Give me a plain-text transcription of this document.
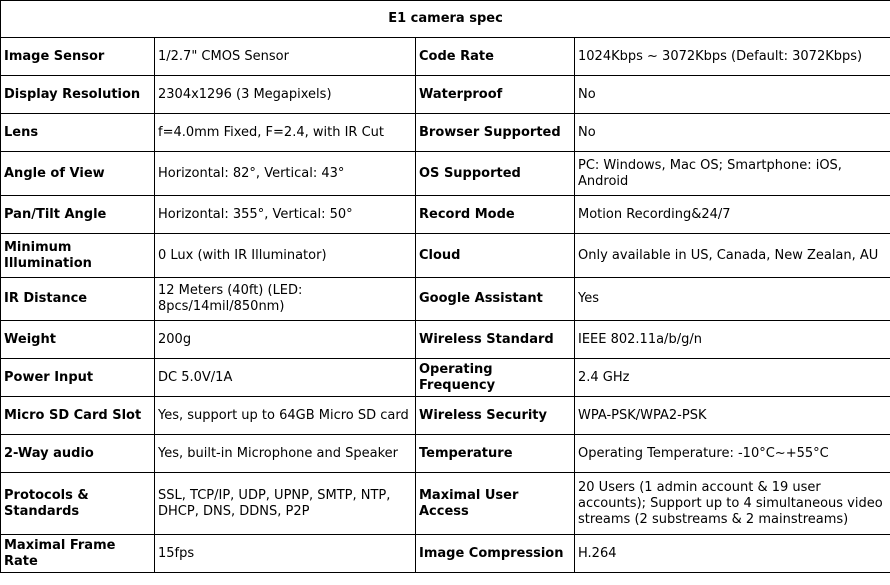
E1 camera spec			
Image Sensor	1/2.7" CMOS Sensor	Code Rate	1024Kbps ~ 3072Kbps (Default: 3072Kbps)
Display Resolution	2304x1296 (3 Megapixels)	Waterproof	No
Lens	f=4.0mm Fixed, F=2.4, with IR Cut	Browser Supported	No
Angle of View	Horizontal: 82°, Vertical: 43°	OS Supported	PC: Windows, Mac OS; Smartphone: iOS, Android
Pan/Tilt Angle	Horizontal: 355°, Vertical: 50°	Record Mode	Motion Recording&24/7
Minimum Illumination	0 Lux (with IR Illuminator)	Cloud	Only available in US, Canada, New Zealan, AU
IR Distance	12 Meters (40ft) (LED: 8pcs/14mil/850nm)	Google Assistant	Yes
Weight	200g	Wireless Standard	IEEE 802.11a/b/g/n
Power Input	DC 5.0V/1A	Operating Frequency	2.4 GHz
Micro SD Card Slot	Yes, support up to 64GB Micro SD card	Wireless Security	WPA-PSK/WPA2-PSK
2-Way audio	Yes, built-in Microphone and Speaker	Temperature	Operating Temperature: -10°C~+55°C
Protocols & Standards	SSL, TCP/IP, UDP, UPNP, SMTP, NTP, DHCP, DNS, DDNS, P2P	Maximal User Access	20 Users (1 admin account & 19 user accounts); Support up to 4 simultaneous video streams (2 substreams & 2 mainstreams)
Maximal Frame Rate	15fps	Image Compression	H.264
